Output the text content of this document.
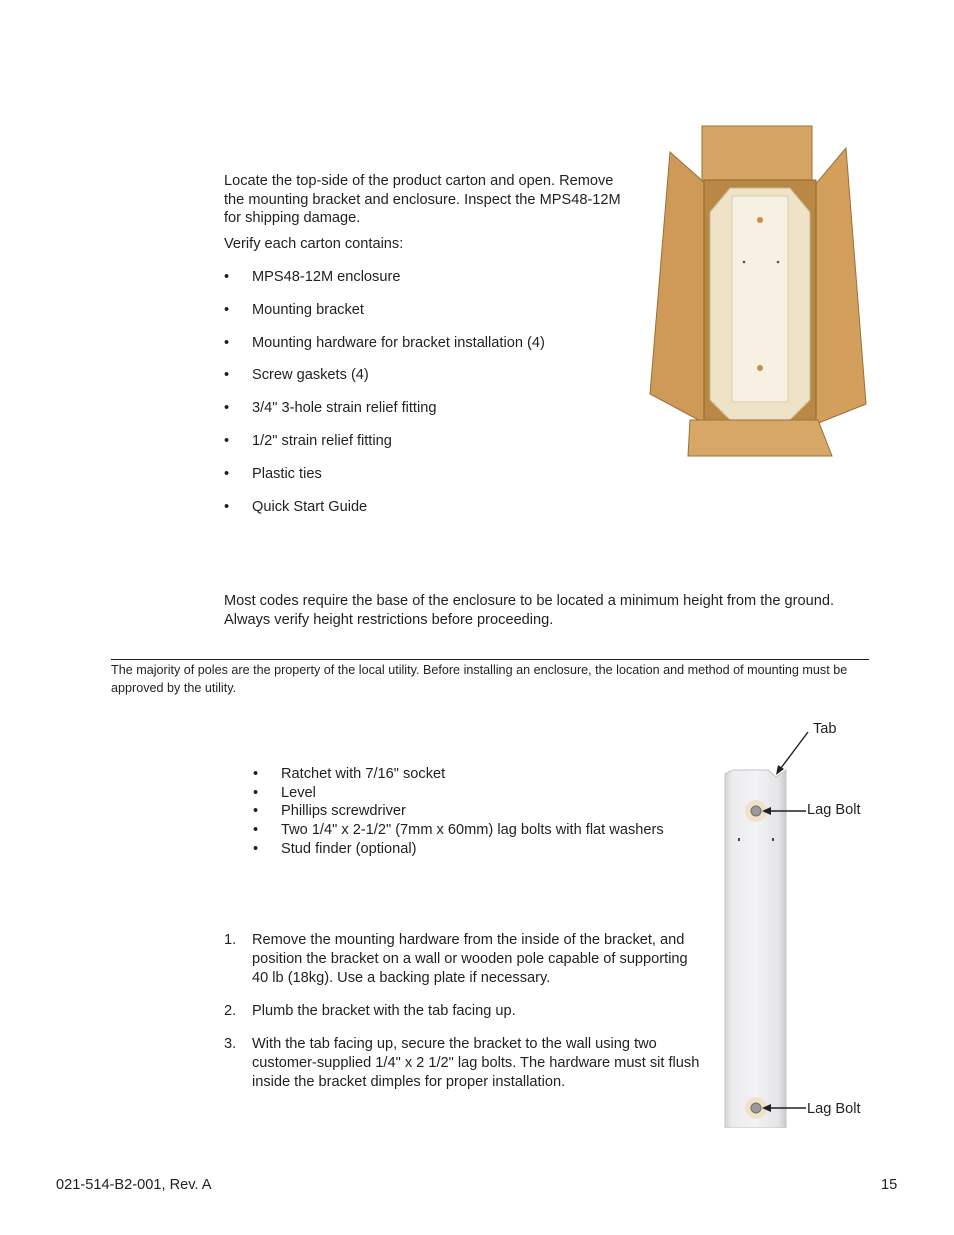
Locate the top-side of the product carton and open. Remove the mounting bracket and enclosure. Inspect the MPS48-12M for shipping damage.
Verify each carton contains:
• MPS48-12M enclosure
• Mounting bracket
• Mounting hardware for bracket installation (4)
• Screw gaskets (4)
• 3/4" 3-hole strain relief fitting
• 1/2" strain relief fitting
• Plastic ties
• Quick Start Guide
Most codes require the base of the enclosure to be located a minimum height from the ground. Always verify height restrictions before proceeding.
The majority of poles are the property of the local utility. Before installing an enclosure, the location and method of mounting must be approved by the utility.
• Ratchet with 7/16" socket
• Level
• Phillips screwdriver
• Two 1/4" x 2-1/2" (7mm x 60mm) lag bolts with flat washers
• Stud finder (optional)
1. Remove the mounting hardware from the inside of the bracket, and position the bracket on a wall or wooden pole capable of supporting 40 lb (18kg). Use a backing plate if necessary.
2. Plumb the bracket with the tab facing up.
3. With the tab facing up, secure the bracket to the wall using two customer-supplied 1/4" x 2 1/2" lag bolts. The hardware must sit flush inside the bracket dimples for proper installation.
Tab
Lag Bolt
Lag Bolt
021-514-B2-001, Rev. A	15
